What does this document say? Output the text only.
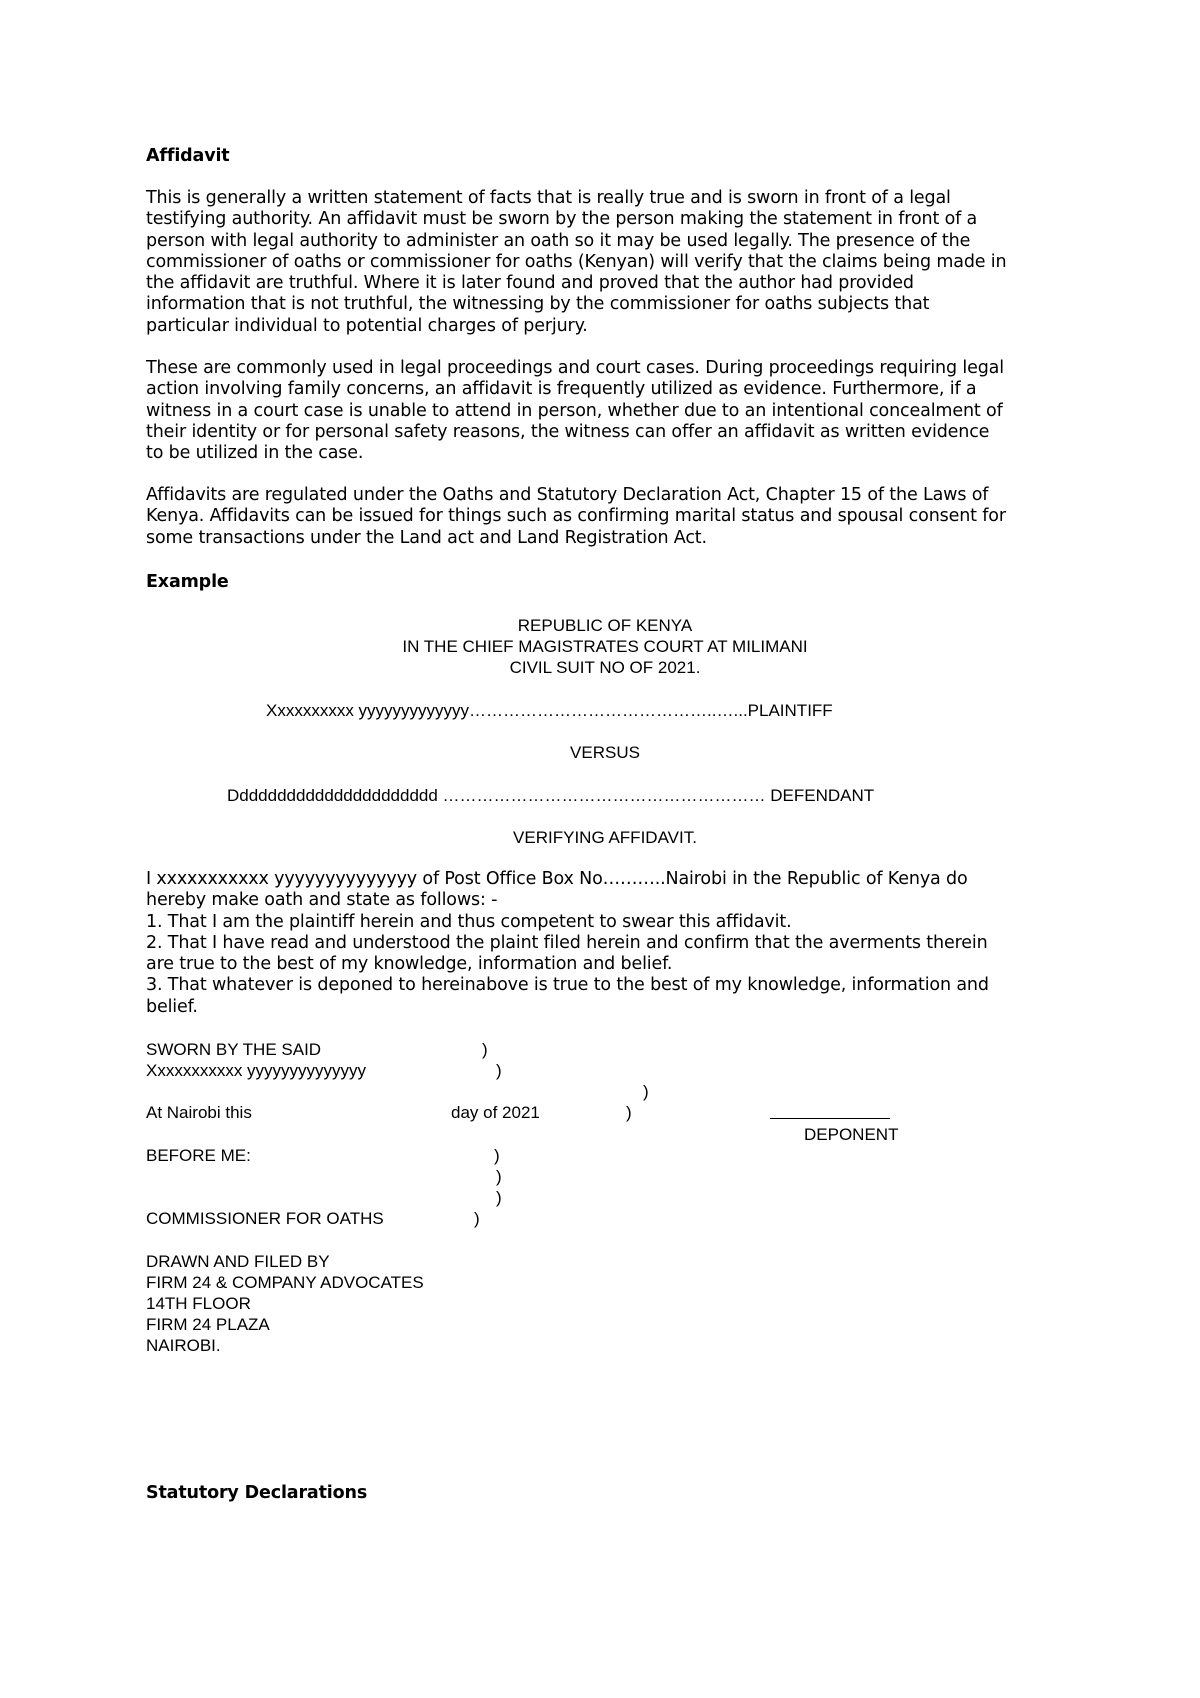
Affidavit
This is generally a written statement of facts that is really true and is sworn in front of a legal
testifying authority. An affidavit must be sworn by the person making the statement in front of a
person with legal authority to administer an oath so it may be used legally. The presence of the
commissioner of oaths or commissioner for oaths (Kenyan) will verify that the claims being made in
the affidavit are truthful. Where it is later found and proved that the author had provided
information that is not truthful, the witnessing by the commissioner for oaths subjects that
particular individual to potential charges of perjury.
These are commonly used in legal proceedings and court cases. During proceedings requiring legal
action involving family concerns, an affidavit is frequently utilized as evidence. Furthermore, if a
witness in a court case is unable to attend in person, whether due to an intentional concealment of
their identity or for personal safety reasons, the witness can offer an affidavit as written evidence
to be utilized in the case.
Affidavits are regulated under the Oaths and Statutory Declaration Act, Chapter 15 of the Laws of
Kenya. Affidavits can be issued for things such as confirming marital status and spousal consent for
some transactions under the Land act and Land Registration Act.
Example
REPUBLIC OF KENYA
IN THE CHIEF MAGISTRATES COURT AT MILIMANI
CIVIL SUIT NO OF 2021.
Xxxxxxxxxx yyyyyyyyyyyyy……………………………………..…...PLAINTIFF
VERSUS
Dddddddddddddddddddddd ………………………………………………… DEFENDANT
VERIFYING AFFIDAVIT.
I xxxxxxxxxxx yyyyyyyyyyyyyy of Post Office Box No………..Nairobi in the Republic of Kenya do
hereby make oath and state as follows: -
1. That I am the plaintiff herein and thus competent to swear this affidavit.
2. That I have read and understood the plaint filed herein and confirm that the averments therein
are true to the best of my knowledge, information and belief.
3. That whatever is deponed to hereinabove is true to the best of my knowledge, information and
belief.
SWORN BY THE SAID	)
Xxxxxxxxxxx yyyyyyyyyyyyyy	)
)
At Nairobi this	day of 2021	)
DEPONENT
BEFORE ME:	)
)
)
COMMISSIONER FOR OATHS	)
DRAWN AND FILED BY
FIRM 24 & COMPANY ADVOCATES
14TH FLOOR
FIRM 24 PLAZA
NAIROBI.
Statutory Declarations
